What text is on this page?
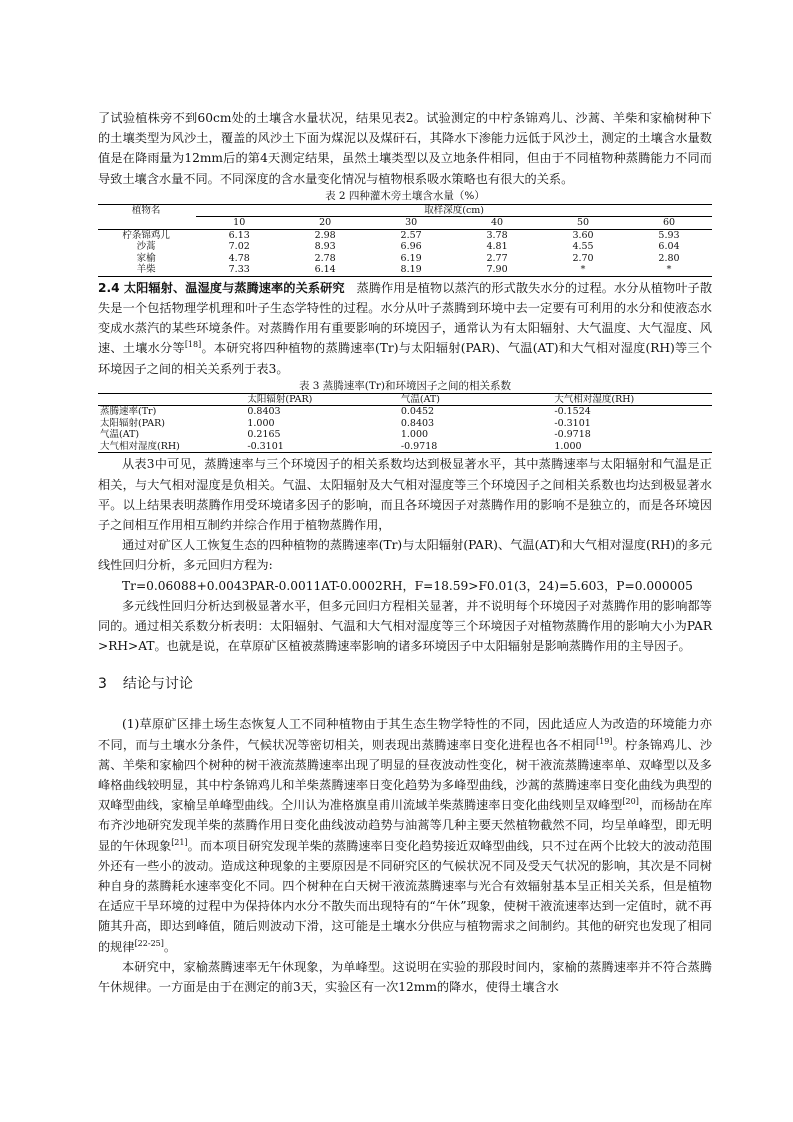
了试验植株旁不到60cm处的土壤含水量状况，结果见表2。试验测定的中柠条锦鸡儿、沙蒿、羊柴和家榆树种下的土壤类型为风沙土，覆盖的风沙土下面为煤泥以及煤矸石，其降水下渗能力远低于风沙土，测定的土壤含水量数值是在降雨量为12mm后的第4天测定结果，虽然土壤类型以及立地条件相同，但由于不同植物种蒸腾能力不同而导致土壤含水量不同。不同深度的含水量变化情况与植物根系吸水策略也有很大的关系。

表 2 四种灌木旁土壤含水量（%）

植物名	取样深度(cm)					
	10	20	30	40	50	60
柠条锦鸡儿	6.13	2.98	2.57	3.78	3.60	5.93
沙蒿	7.02	8.93	6.96	4.81	4.55	6.04
家榆	4.78	2.78	6.19	2.77	2.70	2.80
羊柴	7.33	6.14	8.19	7.90	*	*

2.4 太阳辐射、温湿度与蒸腾速率的关系研究 蒸腾作用是植物以蒸汽的形式散失水分的过程。水分从植物叶子散失是一个包括物理学机理和叶子生态学特性的过程。水分从叶子蒸腾到环境中去一定要有可利用的水分和使液态水变成水蒸汽的某些环境条件。对蒸腾作用有重要影响的环境因子，通常认为有太阳辐射、大气温度、大气湿度、风速、土壤水分等[18]。本研究将四种植物的蒸腾速率(Tr)与太阳辐射(PAR)、气温(AT)和大气相对湿度(RH)等三个环境因子之间的相关关系列于表3。

表 3 蒸腾速率(Tr)和环境因子之间的相关系数

	太阳辐射(PAR)	气温(AT)	大气相对湿度(RH)
蒸腾速率(Tr)	0.8403	0.0452	-0.1524
太阳辐射(PAR)	1.000	0.8403	-0.3101
气温(AT)	0.2165	1.000	-0.9718
大气相对湿度(RH)	-0.3101	-0.9718	1.000

从表3中可见，蒸腾速率与三个环境因子的相关系数均达到极显著水平，其中蒸腾速率与太阳辐射和气温是正相关，与大气相对湿度是负相关。气温、太阳辐射及大气相对湿度等三个环境因子之间相关系数也均达到极显著水平。以上结果表明蒸腾作用受环境诸多因子的影响，而且各环境因子对蒸腾作用的影响不是独立的，而是各环境因子之间相互作用相互制约并综合作用于植物蒸腾作用，

通过对矿区人工恢复生态的四种植物的蒸腾速率(Tr)与太阳辐射(PAR)、气温(AT)和大气相对湿度(RH)的多元线性回归分析，多元回归方程为:

Tr=0.06088+0.0043PAR-0.0011AT-0.0002RH，F=18.59>F0.01(3，24)=5.603，P=0.000005

多元线性回归分析达到极显著水平，但多元回归方程相关显著，并不说明每个环境因子对蒸腾作用的影响都等同的。通过相关系数分析表明：太阳辐射、气温和大气相对湿度等三个环境因子对植物蒸腾作用的影响大小为PAR>RH>AT。也就是说，在草原矿区植被蒸腾速率影响的诸多环境因子中太阳辐射是影响蒸腾作用的主导因子。

3 结论与讨论

(1)草原矿区排土场生态恢复人工不同种植物由于其生态生物学特性的不同，因此适应人为改造的环境能力亦不同，而与土壤水分条件，气候状况等密切相关，则表现出蒸腾速率日变化进程也各不相同[19]。柠条锦鸡儿、沙蒿、羊柴和家榆四个树种的树干液流蒸腾速率出现了明显的昼夜波动性变化，树干液流蒸腾速率单、双峰型以及多峰格曲线较明显，其中柠条锦鸡儿和羊柴蒸腾速率日变化趋势为多峰型曲线，沙蒿的蒸腾速率日变化曲线为典型的双峰型曲线，家榆呈单峰型曲线。仝川认为准格旗皇甫川流域羊柴蒸腾速率日变化曲线则呈双峰型[20]，而杨劼在库布齐沙地研究发现羊柴的蒸腾作用日变化曲线波动趋势与油蒿等几种主要天然植物截然不同，均呈单峰型，即无明显的午休现象[21]。而本项目研究发现羊柴的蒸腾速率日变化趋势接近双峰型曲线，只不过在两个比较大的波动范围外还有一些小的波动。造成这种现象的主要原因是不同研究区的气候状况不同及受天气状况的影响，其次是不同树种自身的蒸腾耗水速率变化不同。四个树种在白天树干液流蒸腾速率与光合有效辐射基本呈正相关关系，但是植物在适应干旱环境的过程中为保持体内水分不散失而出现特有的“午休”现象，使树干液流速率达到一定值时，就不再随其升高，即达到峰值，随后则波动下滑，这可能是土壤水分供应与植物需求之间制约。其他的研究也发现了相同的规律[22-25]。

本研究中，家榆蒸腾速率无午休现象，为单峰型。这说明在实验的那段时间内，家榆的蒸腾速率并不符合蒸腾午休规律。一方面是由于在测定的前3天，实验区有一次12mm的降水，使得土壤含水
